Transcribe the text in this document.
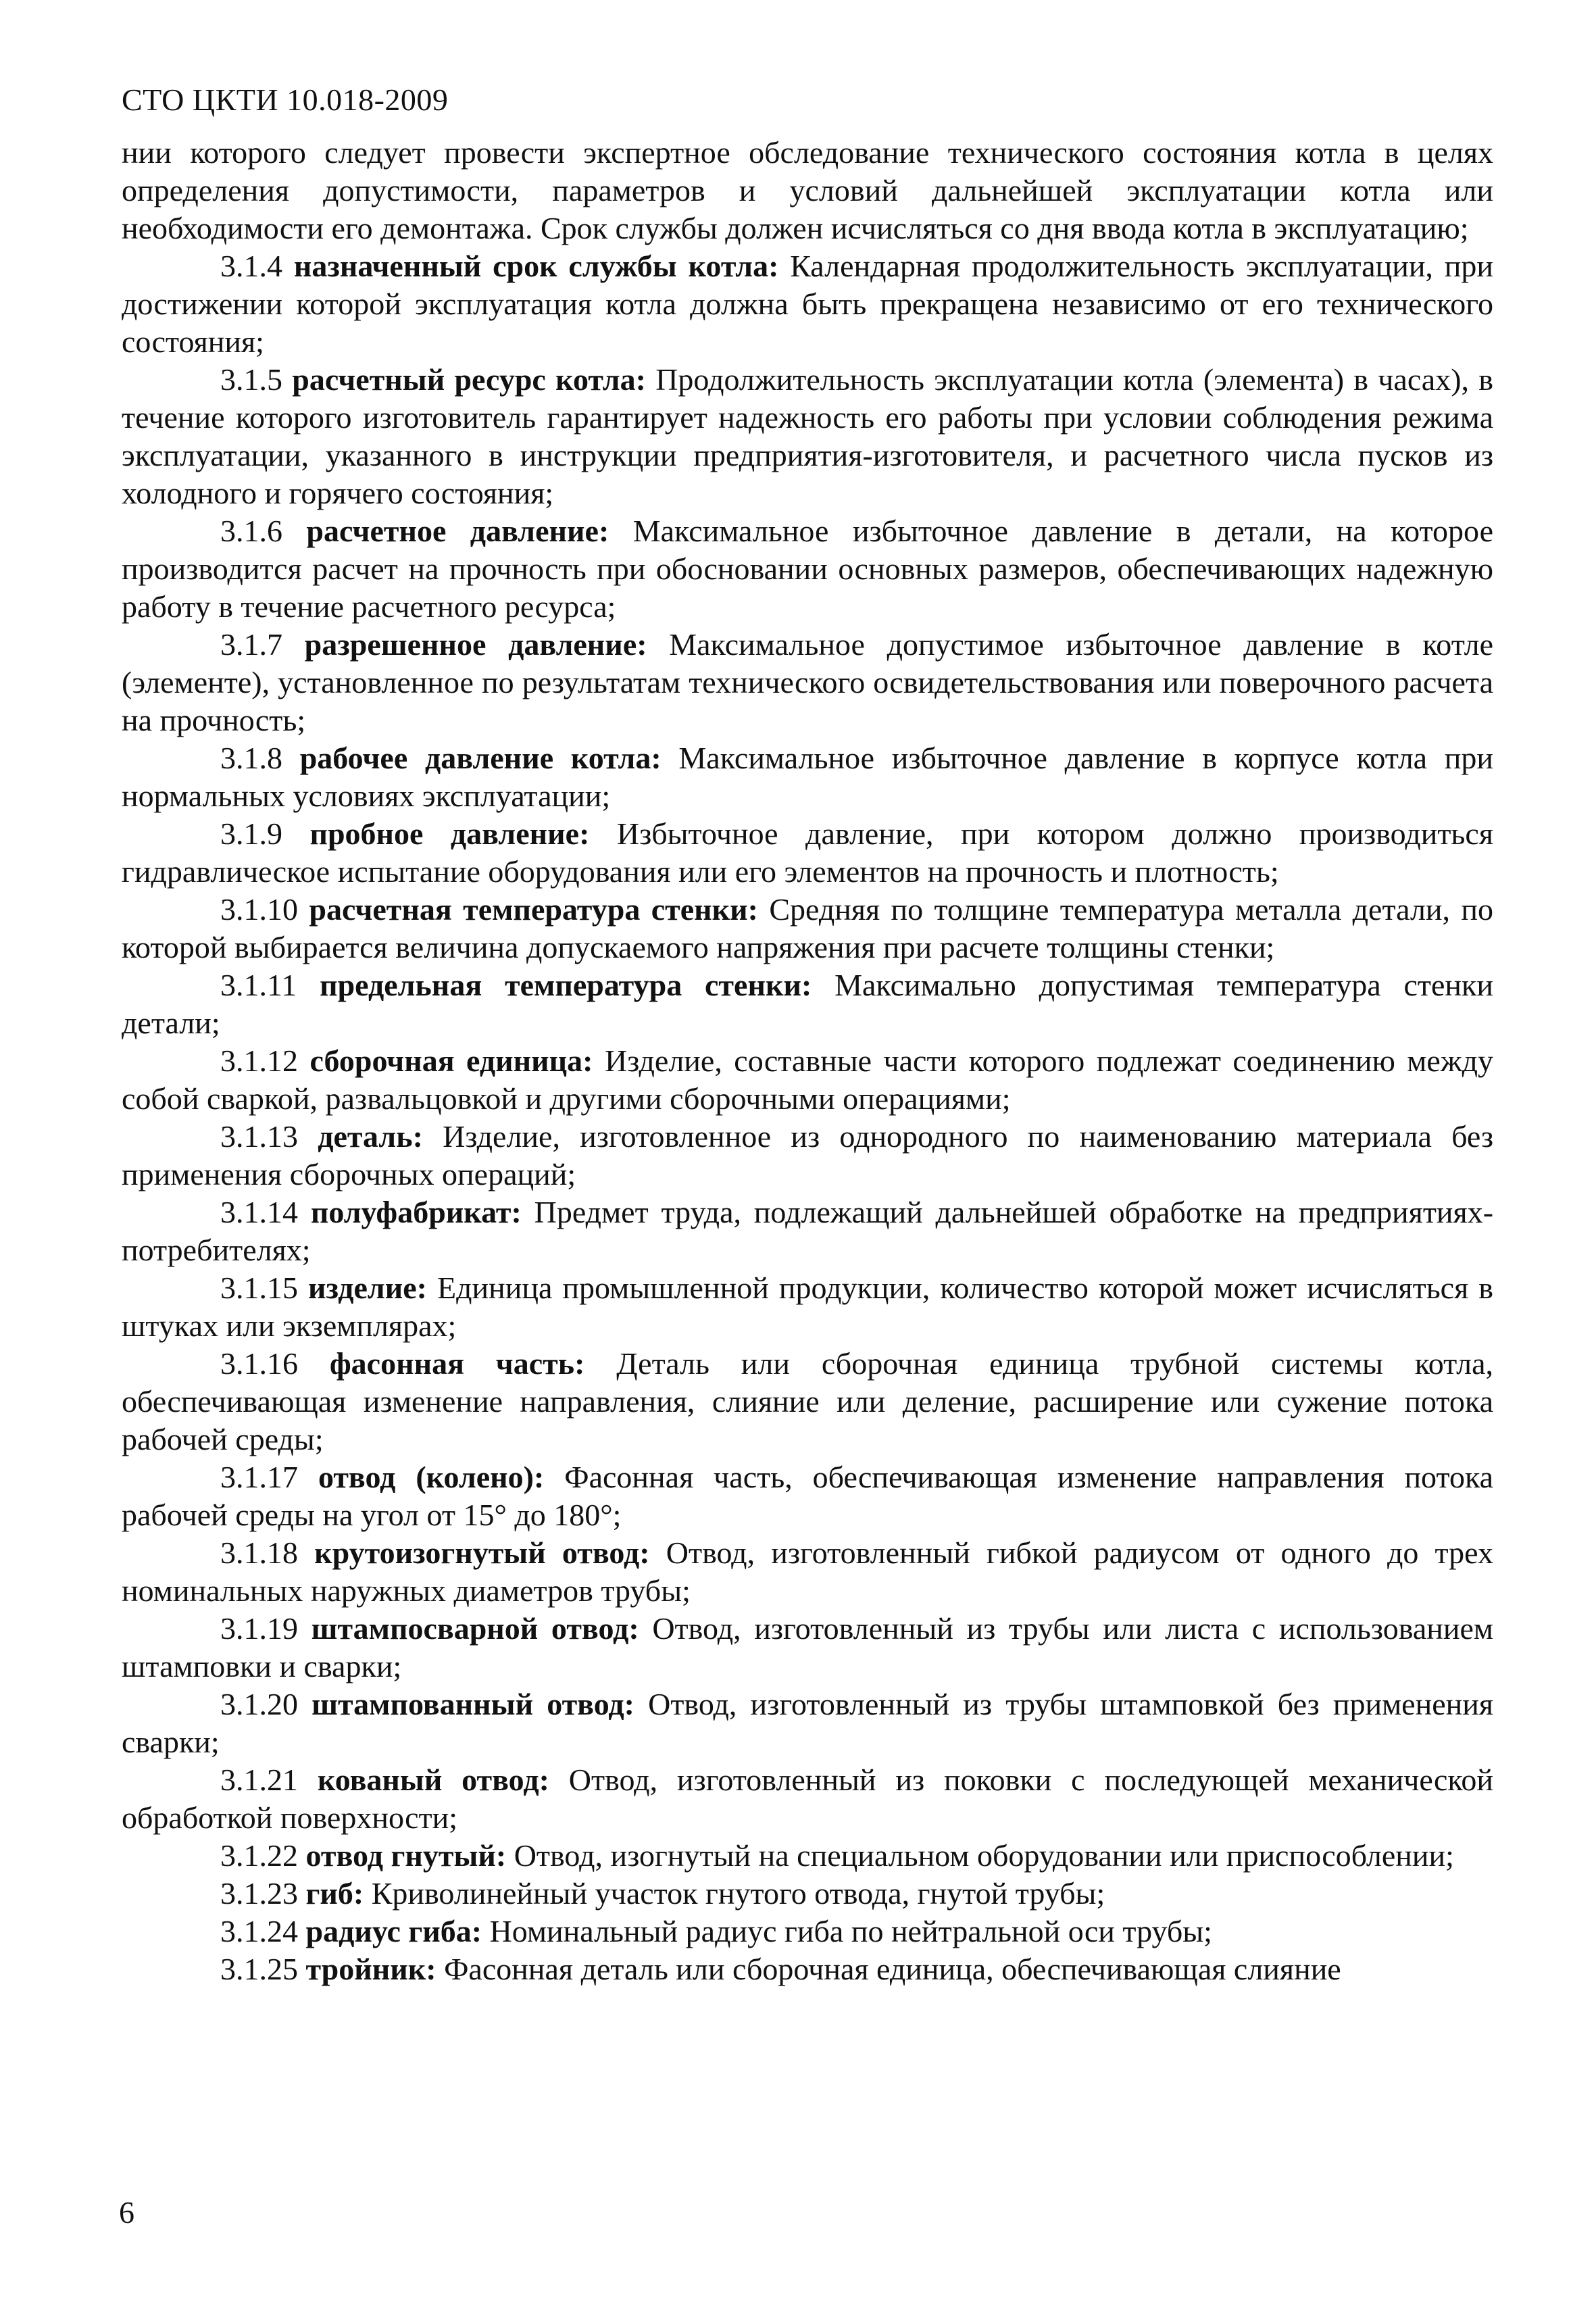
СТО ЦКТИ 10.018-2009

нии которого следует провести экспертное обследование технического состояния котла в целях определения допустимости, параметров и условий дальнейшей эксплуатации котла или необходимости его демонтажа. Срок службы должен исчисляться со дня ввода котла в эксплуатацию;

3.1.4 назначенный срок службы котла: Календарная продолжительность эксплуатации, при достижении которой эксплуатация котла должна быть прекращена независимо от его технического состояния;

3.1.5 расчетный ресурс котла: Продолжительность эксплуатации котла (элемента) в часах), в течение которого изготовитель гарантирует надежность его работы при условии соблюдения режима эксплуатации, указанного в инструкции предприятия-изготовителя, и расчетного числа пусков из холодного и горячего состояния;

3.1.6 расчетное давление: Максимальное избыточное давление в детали, на которое производится расчет на прочность при обосновании основных размеров, обеспечивающих надежную работу в течение расчетного ресурса;

3.1.7 разрешенное давление: Максимальное допустимое избыточное давление в котле (элементе), установленное по результатам технического освидетельствования или поверочного расчета на прочность;

3.1.8 рабочее давление котла: Максимальное избыточное давление в корпусе котла при нормальных условиях эксплуатации;

3.1.9 пробное давление: Избыточное давление, при котором должно производиться гидравлическое испытание оборудования или его элементов на прочность и плотность;

3.1.10 расчетная температура стенки: Средняя по толщине температура металла детали, по которой выбирается величина допускаемого напряжения при расчете толщины стенки;

3.1.11 предельная температура стенки: Максимально допустимая температура стенки детали;

3.1.12 сборочная единица: Изделие, составные части которого подлежат соединению между собой сваркой, развальцовкой и другими сборочными операциями;

3.1.13 деталь: Изделие, изготовленное из однородного по наименованию материала без применения сборочных операций;

3.1.14 полуфабрикат: Предмет труда, подлежащий дальнейшей обработке на предприятиях-потребителях;

3.1.15 изделие: Единица промышленной продукции, количество которой может исчисляться в штуках или экземплярах;

3.1.16 фасонная часть: Деталь или сборочная единица трубной системы котла, обеспечивающая изменение направления, слияние или деление, расширение или сужение потока рабочей среды;

3.1.17 отвод (колено): Фасонная часть, обеспечивающая изменение направления потока рабочей среды на угол от 15° до 180°;

3.1.18 крутоизогнутый отвод: Отвод, изготовленный гибкой радиусом от одного до трех номинальных наружных диаметров трубы;

3.1.19 штампосварной отвод: Отвод, изготовленный из трубы или листа с использованием штамповки и сварки;

3.1.20 штампованный отвод: Отвод, изготовленный из трубы штамповкой без применения сварки;

3.1.21 кованый отвод: Отвод, изготовленный из поковки с последующей механической обработкой поверхности;

3.1.22 отвод гнутый: Отвод, изогнутый на специальном оборудовании или приспособлении;

3.1.23 гиб: Криволинейный участок гнутого отвода, гнутой трубы;

3.1.24 радиус гиба: Номинальный радиус гиба по нейтральной оси трубы;

3.1.25 тройник: Фасонная деталь или сборочная единица, обеспечивающая слияние

6
